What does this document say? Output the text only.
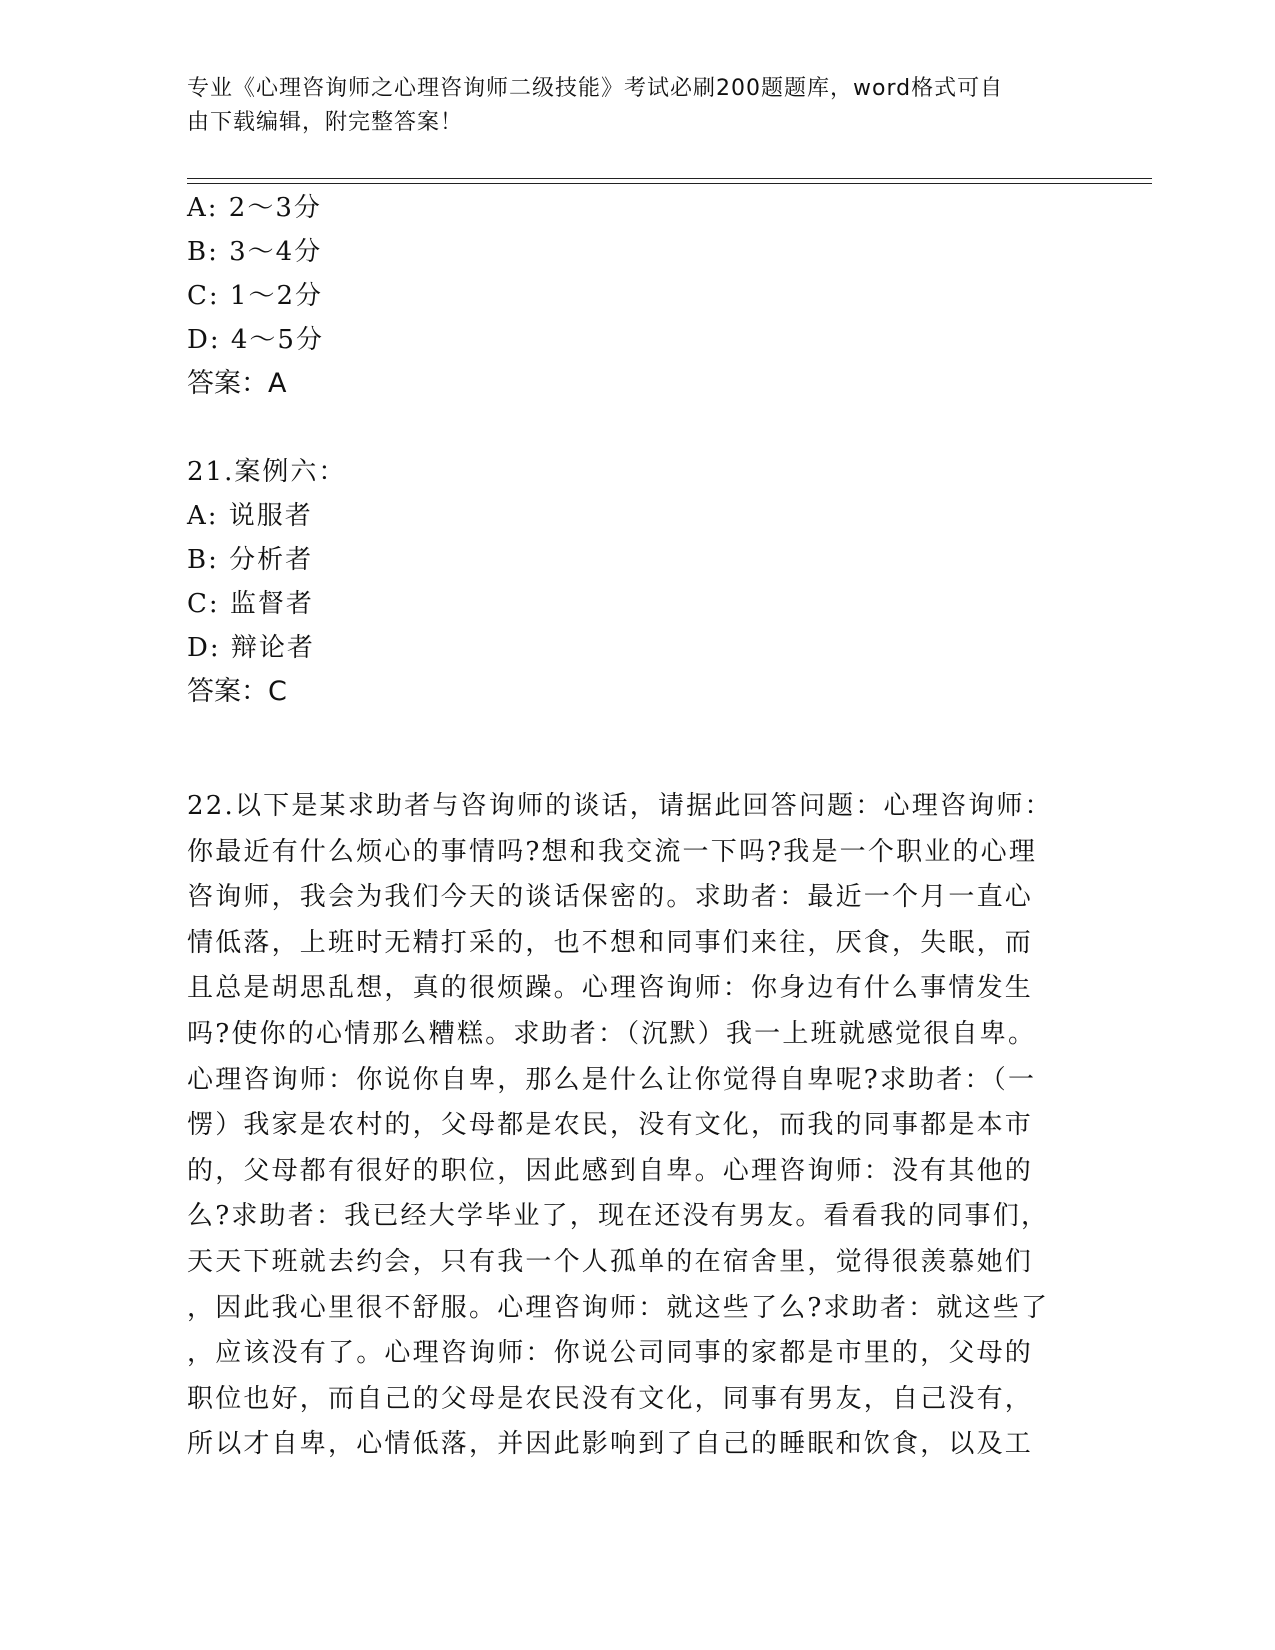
专业《心理咨询师之心理咨询师二级技能》考试必刷200题题库，word格式可自
由下载编辑，附完整答案！
A: 2～3分
B: 3～4分
C: 1～2分
D: 4～5分
答案：A
21.案例六：
A: 说服者
B: 分析者
C: 监督者
D: 辩论者
答案：C
22.以下是某求助者与咨询师的谈话，请据此回答问题：心理咨询师：
你最近有什么烦心的事情吗?想和我交流一下吗?我是一个职业的心理
咨询师，我会为我们今天的谈话保密的。求助者：最近一个月一直心
情低落，上班时无精打采的，也不想和同事们来往，厌食，失眠，而
且总是胡思乱想，真的很烦躁。心理咨询师：你身边有什么事情发生
吗?使你的心情那么糟糕。求助者：（沉默）我一上班就感觉很自卑。
心理咨询师：你说你自卑，那么是什么让你觉得自卑呢?求助者：（一
愣）我家是农村的，父母都是农民，没有文化，而我的同事都是本市
的，父母都有很好的职位，因此感到自卑。心理咨询师：没有其他的
么?求助者：我已经大学毕业了，现在还没有男友。看看我的同事们，
天天下班就去约会，只有我一个人孤单的在宿舍里，觉得很羡慕她们
，因此我心里很不舒服。心理咨询师：就这些了么?求助者：就这些了
，应该没有了。心理咨询师：你说公司同事的家都是市里的，父母的
职位也好，而自己的父母是农民没有文化，同事有男友，自己没有，
所以才自卑，心情低落，并因此影响到了自己的睡眠和饮食，以及工
